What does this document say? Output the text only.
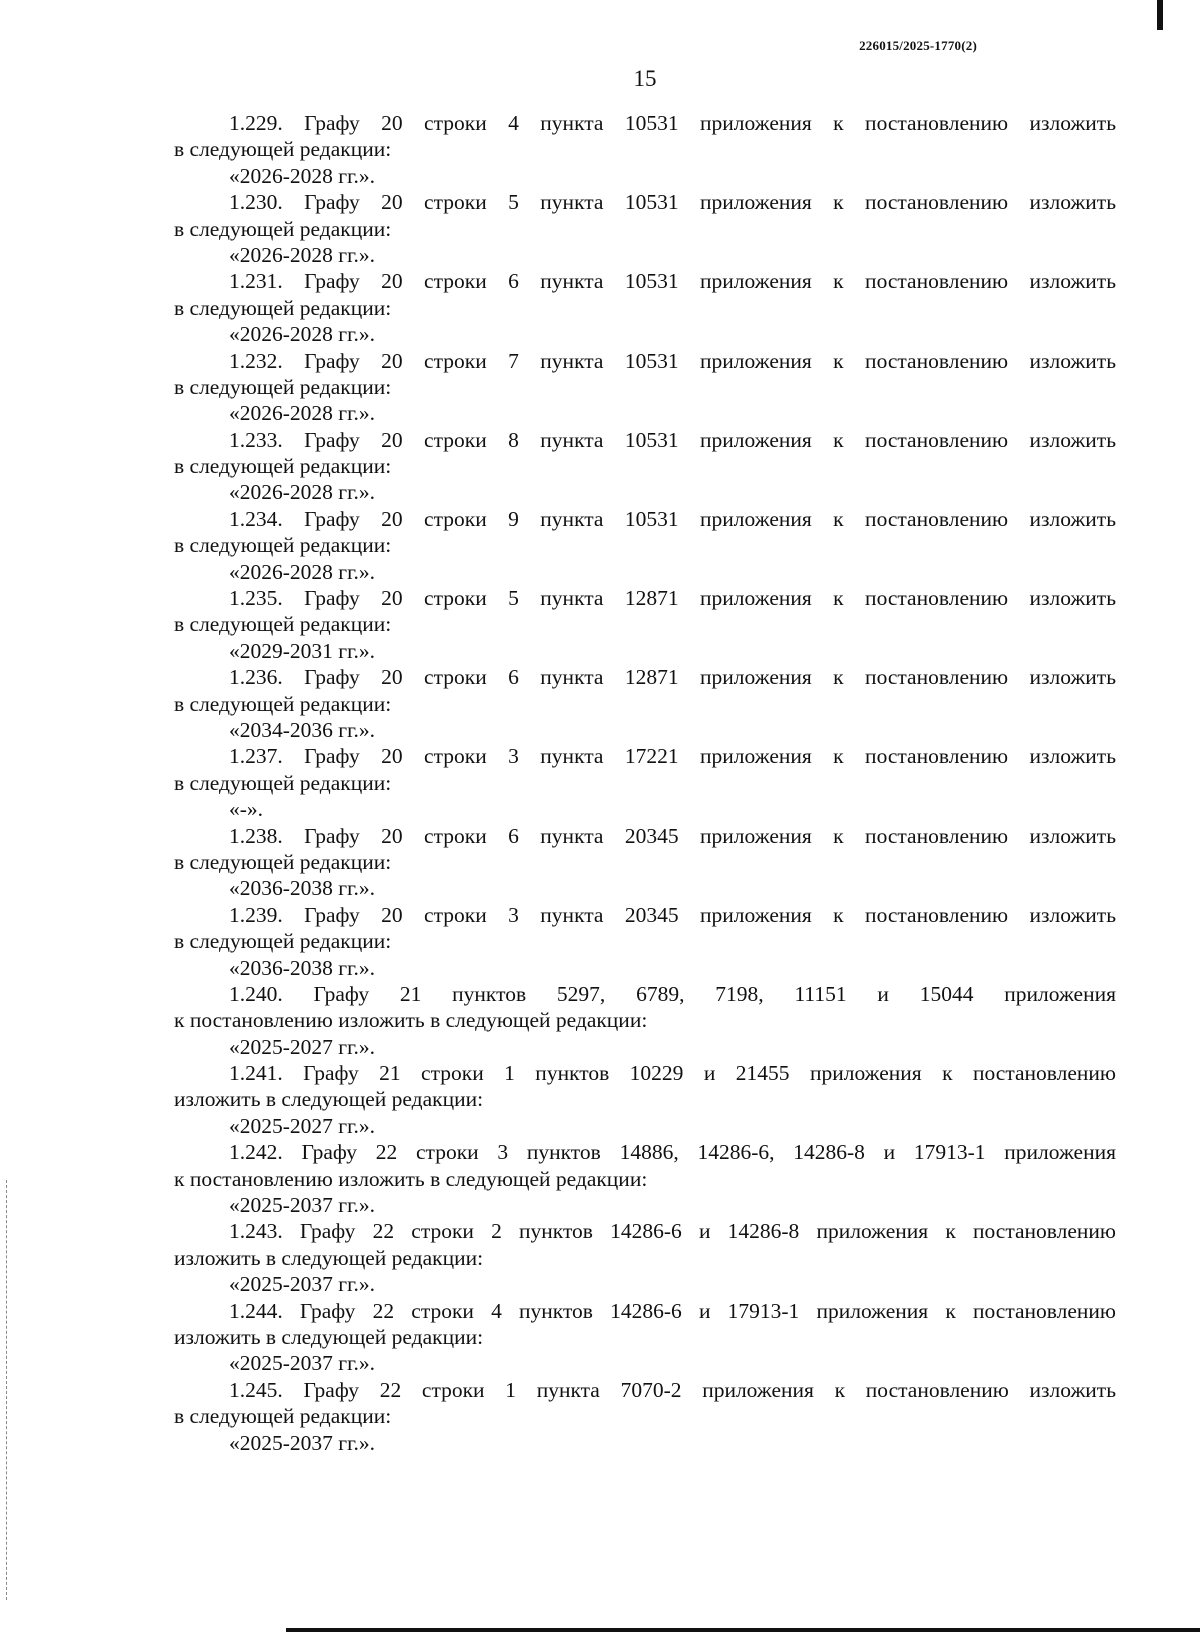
226015/2025-1770(2)
15
1.229. Графу 20 строки 4 пункта 10531 приложения к постановлению изложить
в следующей редакции:
«2026-2028 гг.».
1.230. Графу 20 строки 5 пункта 10531 приложения к постановлению изложить
в следующей редакции:
«2026-2028 гг.».
1.231. Графу 20 строки 6 пункта 10531 приложения к постановлению изложить
в следующей редакции:
«2026-2028 гг.».
1.232. Графу 20 строки 7 пункта 10531 приложения к постановлению изложить
в следующей редакции:
«2026-2028 гг.».
1.233. Графу 20 строки 8 пункта 10531 приложения к постановлению изложить
в следующей редакции:
«2026-2028 гг.».
1.234. Графу 20 строки 9 пункта 10531 приложения к постановлению изложить
в следующей редакции:
«2026-2028 гг.».
1.235. Графу 20 строки 5 пункта 12871 приложения к постановлению изложить
в следующей редакции:
«2029-2031 гг.».
1.236. Графу 20 строки 6 пункта 12871 приложения к постановлению изложить
в следующей редакции:
«2034-2036 гг.».
1.237. Графу 20 строки 3 пункта 17221 приложения к постановлению изложить
в следующей редакции:
«-».
1.238. Графу 20 строки 6 пункта 20345 приложения к постановлению изложить
в следующей редакции:
«2036-2038 гг.».
1.239. Графу 20 строки 3 пункта 20345 приложения к постановлению изложить
в следующей редакции:
«2036-2038 гг.».
1.240. Графу 21 пунктов 5297, 6789, 7198, 11151 и 15044 приложения
к постановлению изложить в следующей редакции:
«2025-2027 гг.».
1.241. Графу 21 строки 1 пунктов 10229 и 21455 приложения к постановлению
изложить в следующей редакции:
«2025-2027 гг.».
1.242. Графу 22 строки 3 пунктов 14886, 14286-6, 14286-8 и 17913-1 приложения
к постановлению изложить в следующей редакции:
«2025-2037 гг.».
1.243. Графу 22 строки 2 пунктов 14286-6 и 14286-8 приложения к постановлению
изложить в следующей редакции:
«2025-2037 гг.».
1.244. Графу 22 строки 4 пунктов 14286-6 и 17913-1 приложения к постановлению
изложить в следующей редакции:
«2025-2037 гг.».
1.245. Графу 22 строки 1 пункта 7070-2 приложения к постановлению изложить
в следующей редакции:
«2025-2037 гг.».
